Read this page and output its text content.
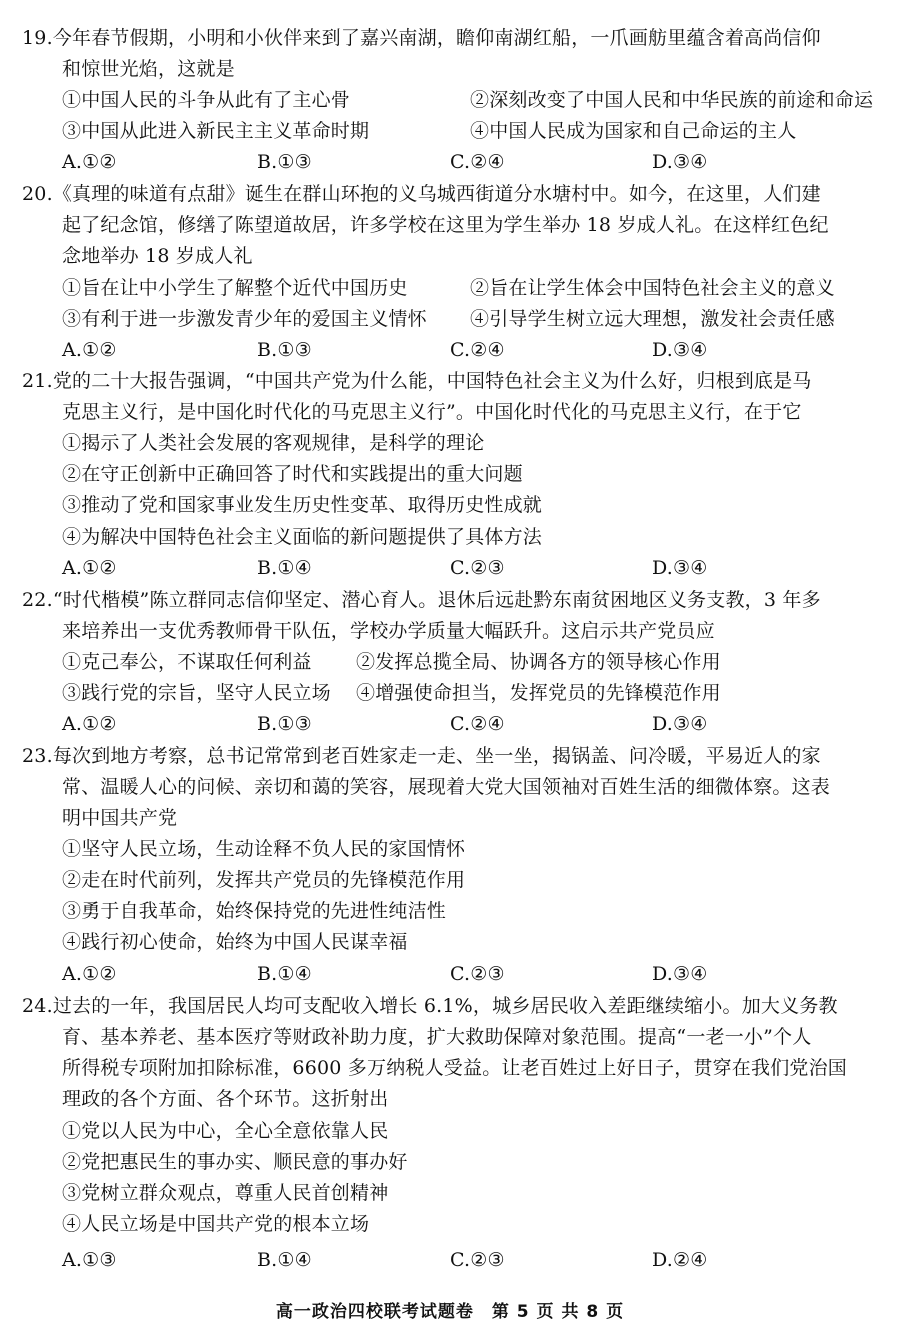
19.今年春节假期，小明和小伙伴来到了嘉兴南湖，瞻仰南湖红船，一爪画舫里蕴含着高尚信仰
和惊世光焰，这就是
①中国人民的斗争从此有了主心骨	②深刻改变了中国人民和中华民族的前途和命运
③中国从此进入新民主主义革命时期	④中国人民成为国家和自己命运的主人
A.①②	B.①③	C.②④	D.③④
20.《真理的味道有点甜》诞生在群山环抱的义乌城西街道分水塘村中。如今，在这里，人们建
起了纪念馆，修缮了陈望道故居，许多学校在这里为学生举办 18 岁成人礼。在这样红色纪
念地举办 18 岁成人礼
①旨在让中小学生了解整个近代中国历史	②旨在让学生体会中国特色社会主义的意义
③有利于进一步激发青少年的爱国主义情怀 ④引导学生树立远大理想，激发社会责任感
A.①②	B.①③	C.②④	D.③④
21.党的二十大报告强调，“中国共产党为什么能，中国特色社会主义为什么好，归根到底是马
克思主义行，是中国化时代化的马克思主义行”。中国化时代化的马克思主义行，在于它
①揭示了人类社会发展的客观规律，是科学的理论
②在守正创新中正确回答了时代和实践提出的重大问题
③推动了党和国家事业发生历史性变革、取得历史性成就
④为解决中国特色社会主义面临的新问题提供了具体方法
A.①②	B.①④	C.②③	D.③④
22.“时代楷模”陈立群同志信仰坚定、潜心育人。退休后远赴黔东南贫困地区义务支教，3 年多
来培养出一支优秀教师骨干队伍，学校办学质量大幅跃升。这启示共产党员应
①克己奉公，不谋取任何利益 ②发挥总揽全局、协调各方的领导核心作用
③践行党的宗旨，坚守人民立场 ④增强使命担当，发挥党员的先锋模范作用
A.①②	B.①③	C.②④	D.③④
23.每次到地方考察，总书记常常到老百姓家走一走、坐一坐，揭锅盖、问冷暖，平易近人的家
常、温暖人心的问候、亲切和蔼的笑容，展现着大党大国领袖对百姓生活的细微体察。这表
明中国共产党
①坚守人民立场，生动诠释不负人民的家国情怀
②走在时代前列，发挥共产党员的先锋模范作用
③勇于自我革命，始终保持党的先进性纯洁性
④践行初心使命，始终为中国人民谋幸福
A.①②	B.①④	C.②③	D.③④
24.过去的一年，我国居民人均可支配收入增长 6.1%，城乡居民收入差距继续缩小。加大义务教
育、基本养老、基本医疗等财政补助力度，扩大救助保障对象范围。提高“一老一小”个人
所得税专项附加扣除标准，6600 多万纳税人受益。让老百姓过上好日子，贯穿在我们党治国
理政的各个方面、各个环节。这折射出
①党以人民为中心，全心全意依靠人民
②党把惠民生的事办实、顺民意的事办好
③党树立群众观点，尊重人民首创精神
④人民立场是中国共产党的根本立场
A.①③	B.①④	C.②③	D.②④
高一政治四校联考试题卷　第 5 页 共 8 页
